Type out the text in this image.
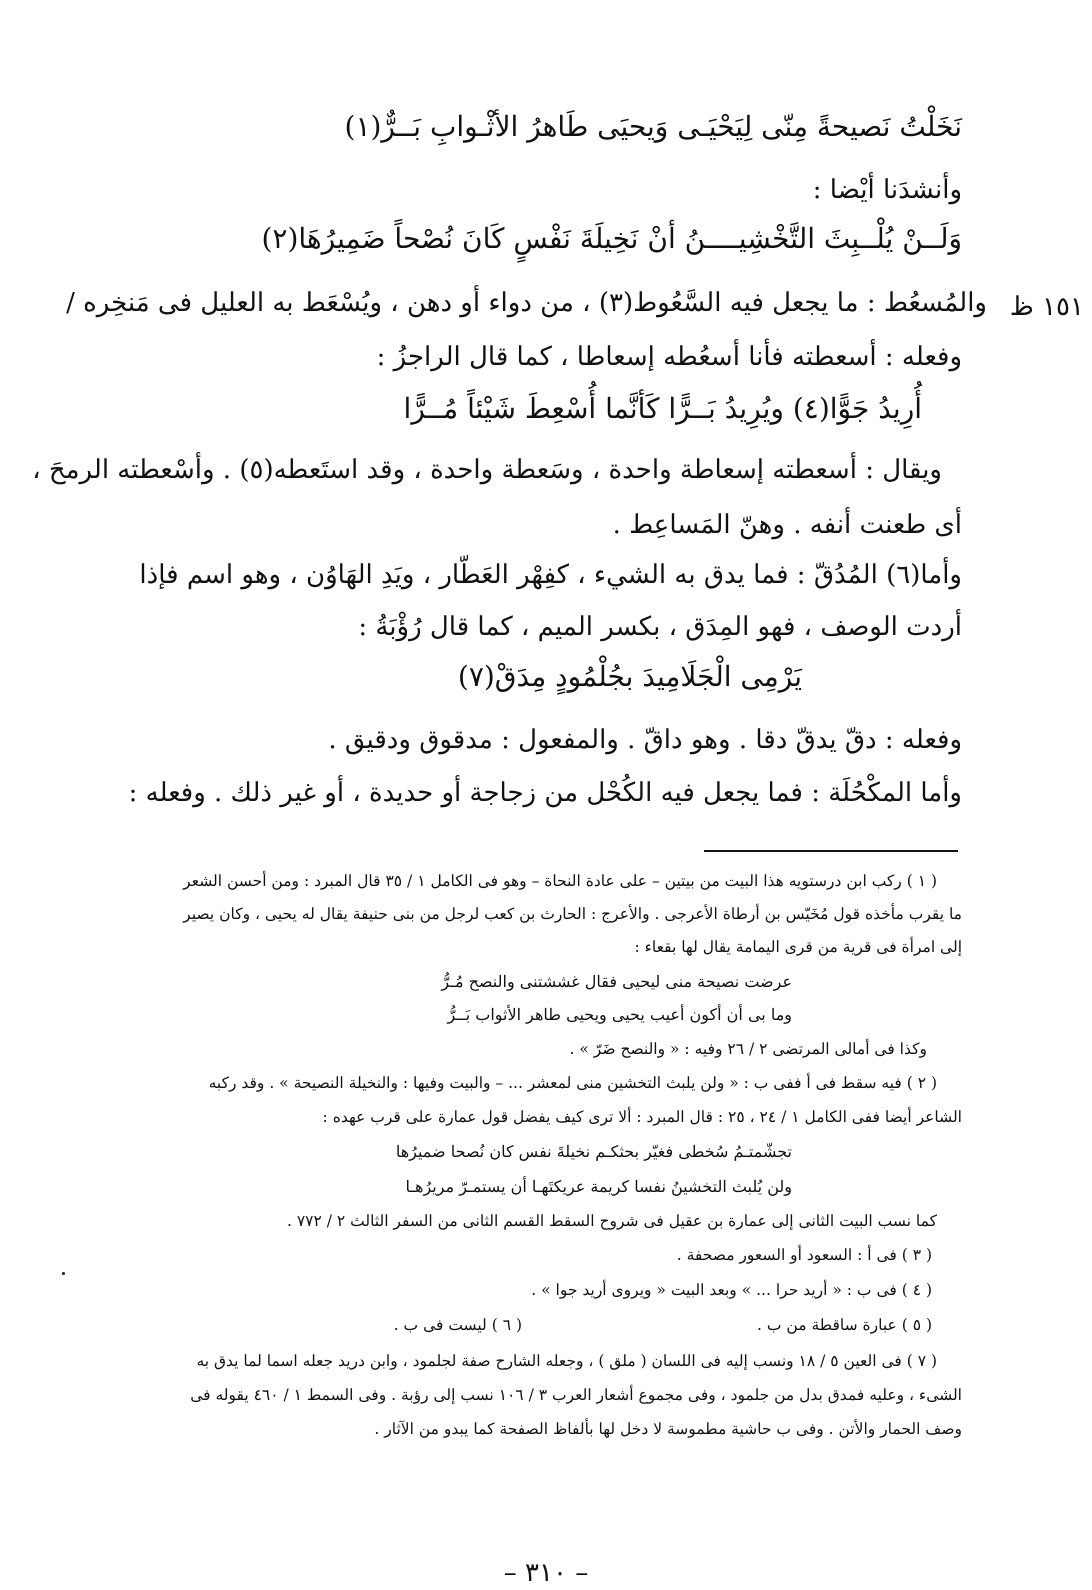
نَخَلْتُ نَصيحةً مِنّى لِيَحْيَـى وَيحيَى طَاهرُ الأثْـوابِ بَــرٌّ(١)
وأنشدَنا أيْضا :
وَلَــنْ يُلْــبِثَ التَّخْشِيــــنُ أنْ نَخِيلَةَ نَفْسٍ كَانَ نُصْحاً ضَمِيرُهَا(٢)
١٥١ ظ
والمُسعُط : ما يجعل فيه السَّعُوط(٣) ، من دواء أو دهن ، ويُسْعَط به العليل فى مَنخِره /
وفعله : أسعطته فأنا أسعُطه إسعاطا ، كما قال الراجزُ :
أُرِيدُ جَوًّا(٤) ويُرِيدُ بَــرًّا كَأنَّما أُسْعِطَ شَيْئاً مُــرًّا
ويقال : أسعطته إسعاطة واحدة ، وسَعطة واحدة ، وقد استَعطه(٥) . وأسْعطته الرمحَ ،
أى طعنت أنفه . وهنّ المَساعِط .
وأما(٦) المُدُقّ : فما يدق به الشيء ، كفِهْر العَطّار ، ويَدِ الهَاوُن ، وهو اسم فإذا
أردت الوصف ، فهو المِدَق ، بكسر الميم ، كما قال رُؤْبَةُ :
يَرْمِى الْجَلَامِيدَ بجُلْمُودٍ مِدَقْ(٧)
وفعله : دقّ يدقّ دقا . وهو داقّ . والمفعول : مدقوق ودقيق .
وأما المكْحُلَة : فما يجعل فيه الكُحْل من زجاجة أو حديدة ، أو غير ذلك . وفعله :
( ١ ) ركب ابن درستويه هذا البيت من بيتين – على عادة النحاة – وهو فى الكامل ١ / ٣٥ قال المبرد : ومن أحسن الشعر
ما يقرب مأخذه قول مُخَيّس بن أرطاة الأعرجى . والأعرج : الحارث بن كعب لرجل من بنى حنيفة يقال له يحيى ، وكان يصير
إلى امرأة فى قرية من قرى اليمامة يقال لها بقعاء :
عرضت نصيحة منى ليحيى فقال غششتنى والنصح مُـرُّ
وما بى أن أكون أعيب يحيى ويحيى طاهر الأثواب بَــرُّ
وكذا فى أمالى المرتضى ٢ / ٢٦ وفيه : « والنصح ضَرّ » .
( ٢ ) فيه سقط فى أ ففى ب : « ولن يلبث التخشين منى لمعشر ... – والبيت وفيها : والنخيلة النصيحة » . وقد ركبه
الشاعر أيضا ففى الكامل ١ / ٢٤ ، ٢٥ : قال المبرد : ألا ترى كيف يفضل قول عمارة على قرب عهده :
تجشّمتـمُ سُخطى فغيّر بحثكـم نخيلةَ نفس كان نُصحا ضميرُها
ولن يُلبث التخشينُ نفسا كريمة عريكتَهـا أن يستمـرّ مريرُهـا
كما نسب البيت الثانى إلى عمارة بن عقيل فى شروح السقط القسم الثانى من السفر الثالث ٢ / ٧٧٢ .
( ٣ ) فى أ : السعود أو السعور مصحفة .
( ٤ ) فى ب : « أريد حرا ... » وبعد البيت « ويروى أريد جوا » .
( ٥ ) عبارة ساقطة من ب .
( ٦ ) ليست فى ب .
( ٧ ) فى العين ٥ / ١٨ ونسب إليه فى اللسان ( ملق ) ، وجعله الشارح صفة لجلمود ، وابن دريد جعله اسما لما يدق به
الشىء ، وعليه فمدق بدل من جلمود ، وفى مجموع أشعار العرب ٣ / ١٠٦ نسب إلى رؤبة . وفى السمط ١ / ٤٦٠ يقوله فى
وصف الحمار والأتن . وفى ب حاشية مطموسة لا دخل لها بألفاظ الصفحة كما يبدو من الآثار .
– ٣١٠ –
